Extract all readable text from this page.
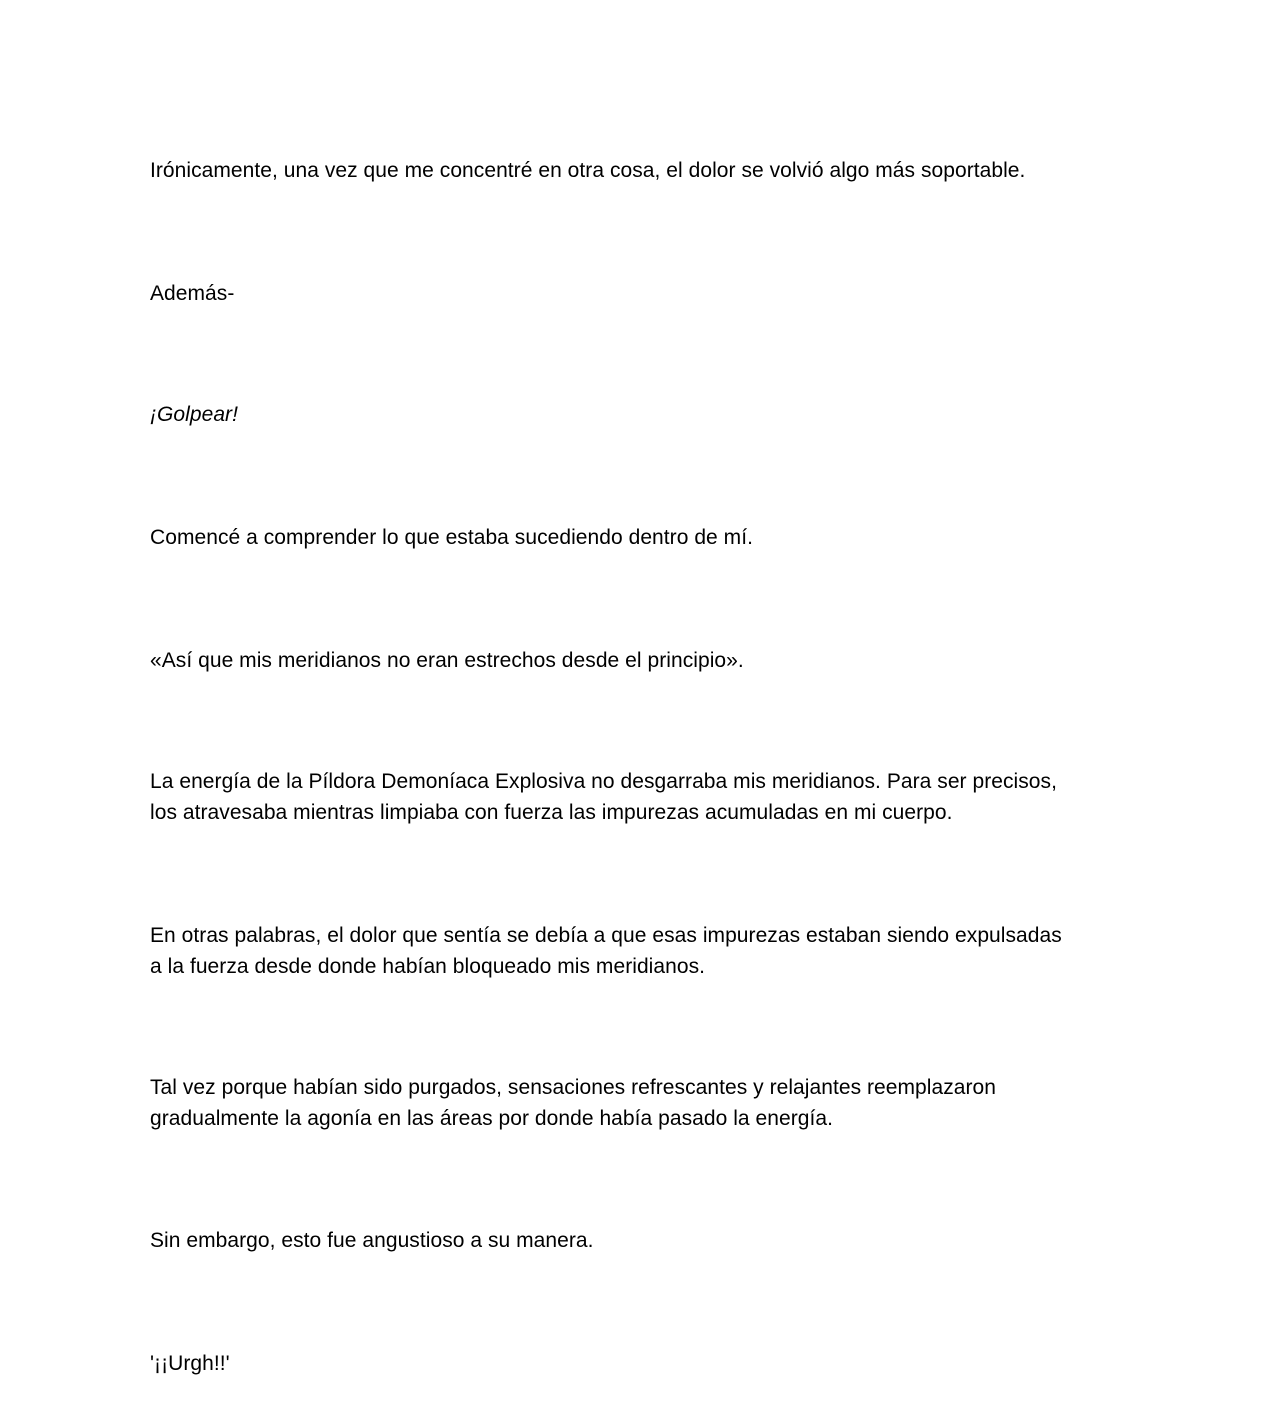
Irónicamente, una vez que me concentré en otra cosa, el dolor se volvió algo más soportable.

Además-

¡Golpear!

Comencé a comprender lo que estaba sucediendo dentro de mí.

«Así que mis meridianos no eran estrechos desde el principio».

La energía de la Píldora Demoníaca Explosiva no desgarraba mis meridianos. Para ser precisos,
los atravesaba mientras limpiaba con fuerza las impurezas acumuladas en mi cuerpo.

En otras palabras, el dolor que sentía se debía a que esas impurezas estaban siendo expulsadas
a la fuerza desde donde habían bloqueado mis meridianos.

Tal vez porque habían sido purgados, sensaciones refrescantes y relajantes reemplazaron
gradualmente la agonía en las áreas por donde había pasado la energía.

Sin embargo, esto fue angustioso a su manera.

'¡¡Urgh!!'
